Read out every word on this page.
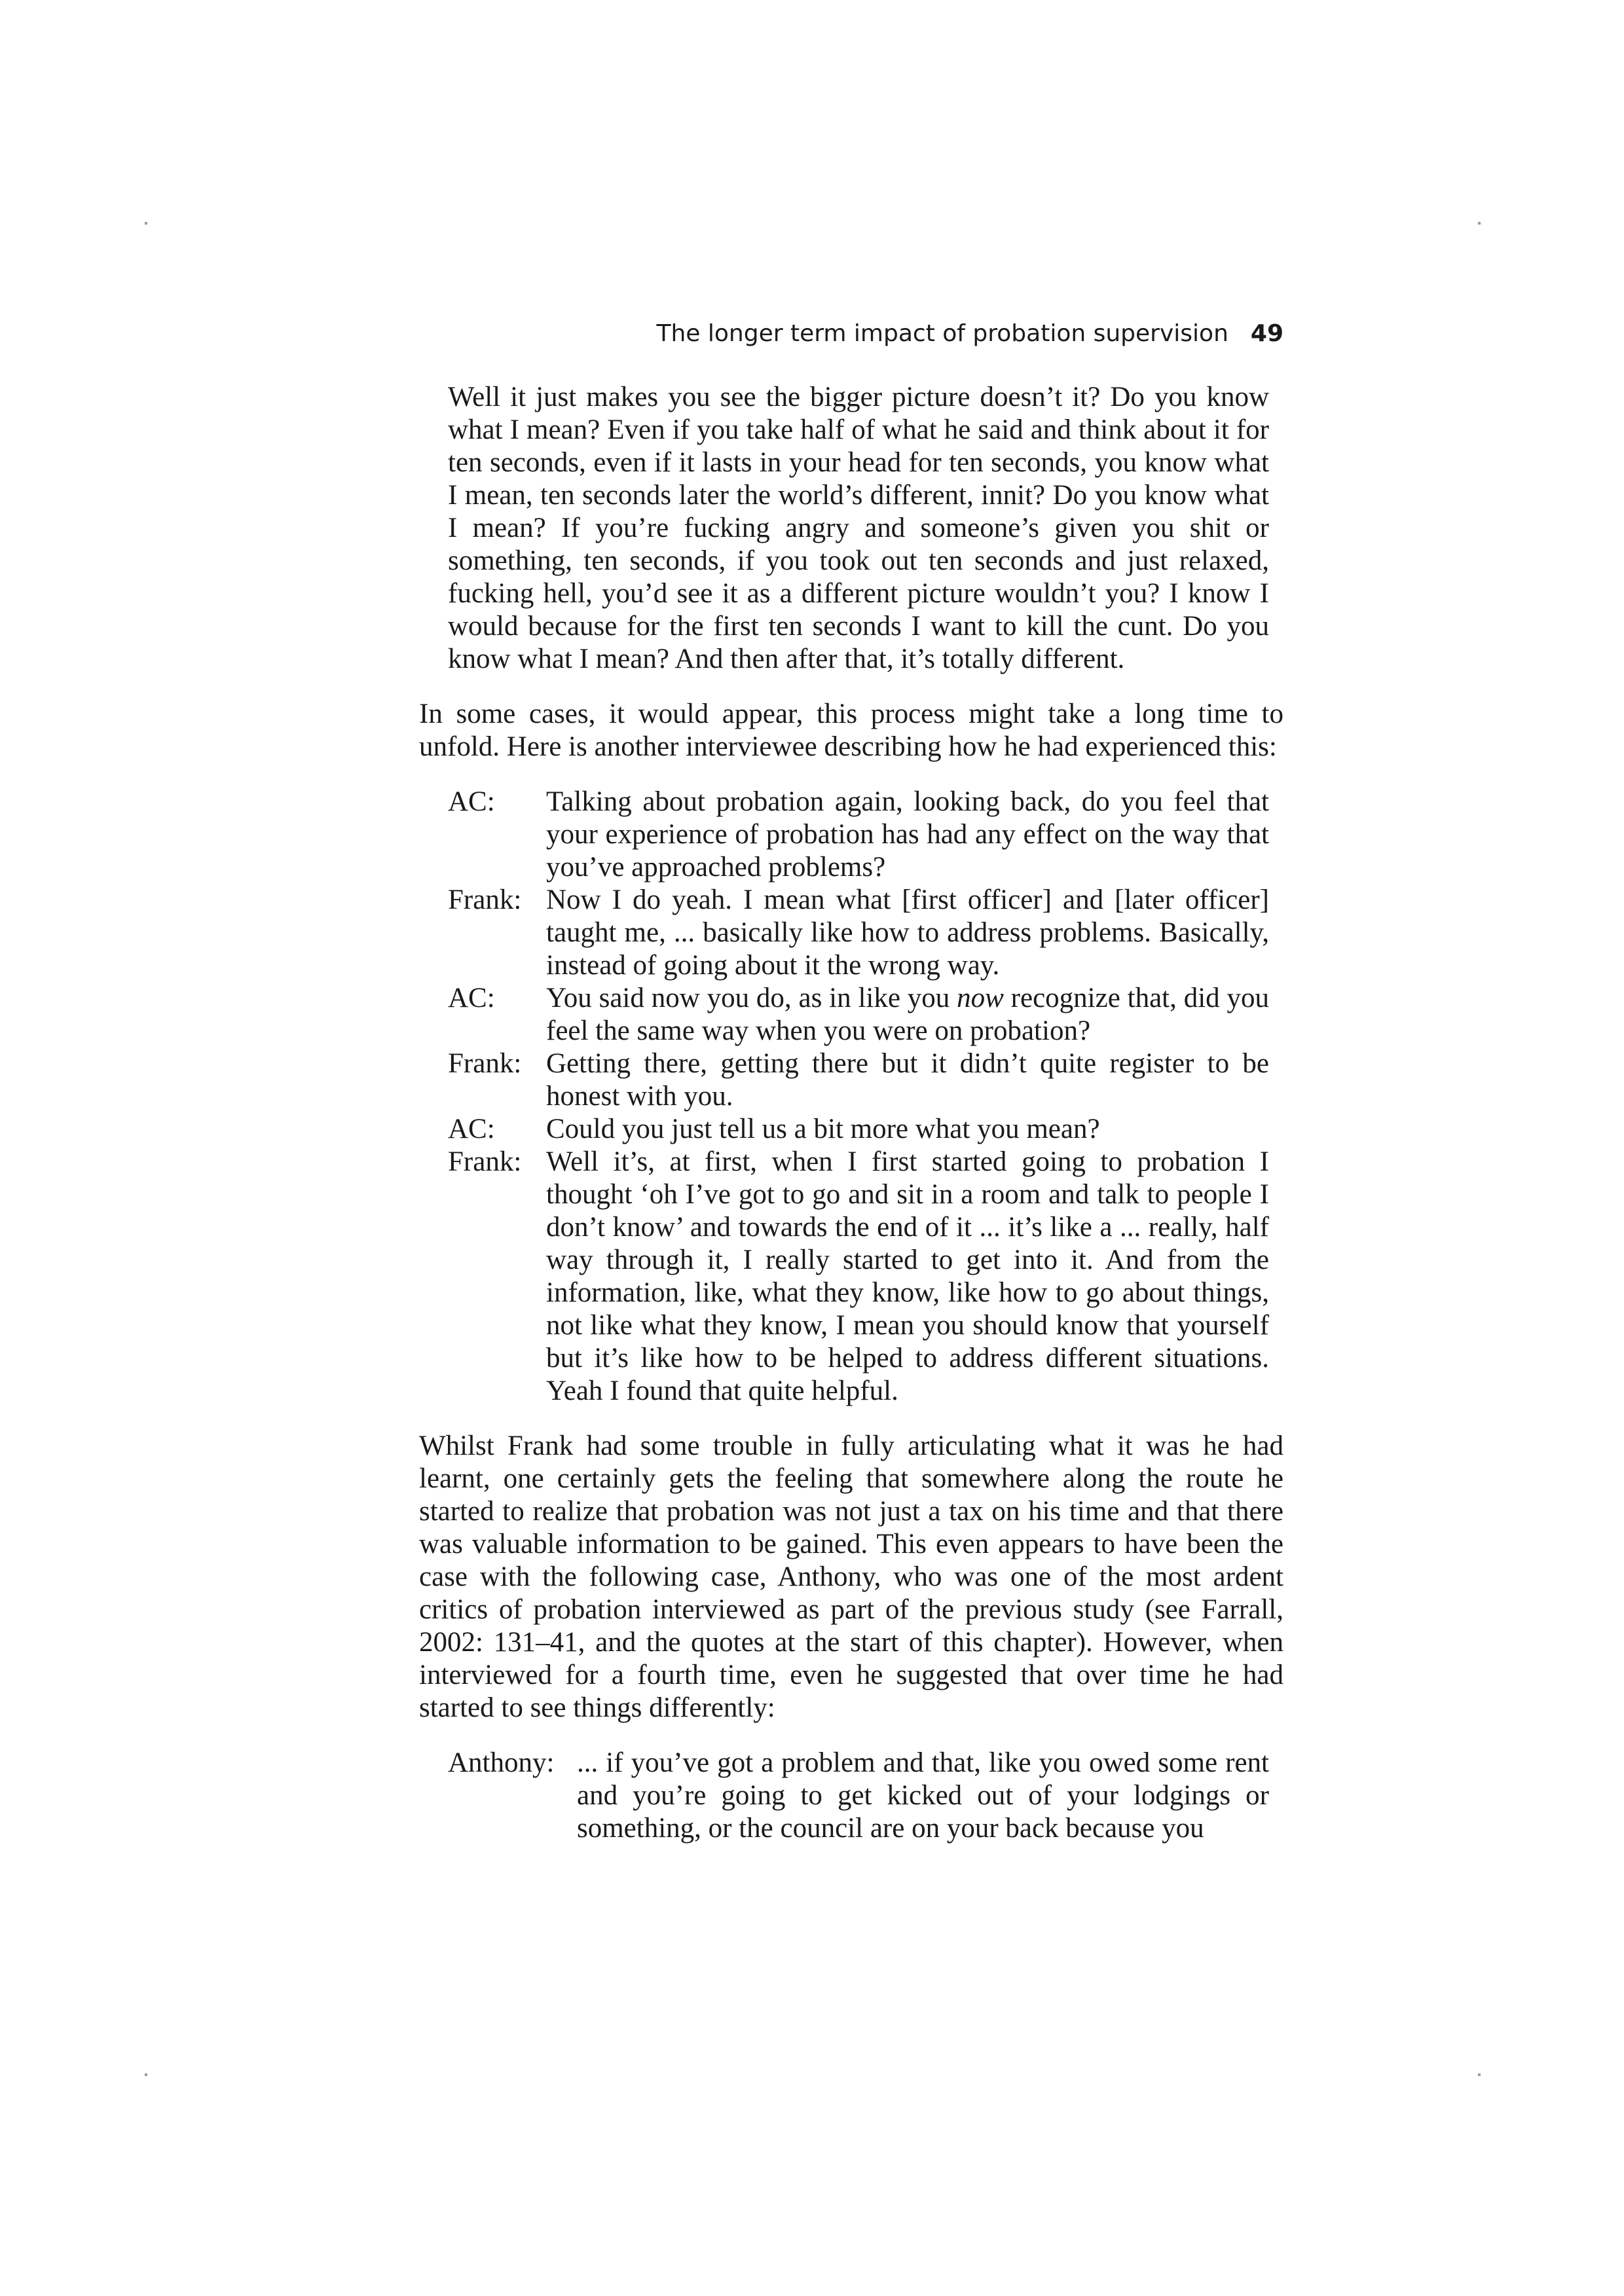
The longer term impact of probation supervision 49
Well it just makes you see the bigger picture doesn’t it? Do you know what I mean? Even if you take half of what he said and think about it for ten seconds, even if it lasts in your head for ten seconds, you know what I mean, ten seconds later the world’s different, innit? Do you know what I mean? If you’re fucking angry and someone’s given you shit or something, ten seconds, if you took out ten seconds and just relaxed, fucking hell, you’d see it as a different picture wouldn’t you? I know I would because for the first ten seconds I want to kill the cunt. Do you know what I mean? And then after that, it’s totally different.

In some cases, it would appear, this process might take a long time to unfold. Here is another interviewee describing how he had experienced this:

AC:	Talking about probation again, looking back, do you feel that your experience of probation has had any effect on the way that you’ve approached problems?
Frank: Now I do yeah. I mean what [first officer] and [later officer] taught me, ... basically like how to address problems. Basically, instead of going about it the wrong way.
AC:	You said now you do, as in like you now recognize that, did you feel the same way when you were on probation?
Frank: Getting there, getting there but it didn’t quite register to be honest with you.
AC:	Could you just tell us a bit more what you mean?
Frank: Well it’s, at first, when I first started going to probation I thought ‘oh I’ve got to go and sit in a room and talk to people I don’t know’ and towards the end of it ... it’s like a ... really, half way through it, I really started to get into it. And from the information, like, what they know, like how to go about things, not like what they know, I mean you should know that yourself but it’s like how to be helped to address different situations. Yeah I found that quite helpful.

Whilst Frank had some trouble in fully articulating what it was he had learnt, one certainly gets the feeling that somewhere along the route he started to realize that probation was not just a tax on his time and that there was valuable information to be gained. This even appears to have been the case with the following case, Anthony, who was one of the most ardent critics of probation interviewed as part of the previous study (see Farrall, 2002: 131–41, and the quotes at the start of this chapter). However, when interviewed for a fourth time, even he suggested that over time he had started to see things differently:

Anthony: ... if you’ve got a problem and that, like you owed some rent and you’re going to get kicked out of your lodgings or something, or the council are on your back because you
